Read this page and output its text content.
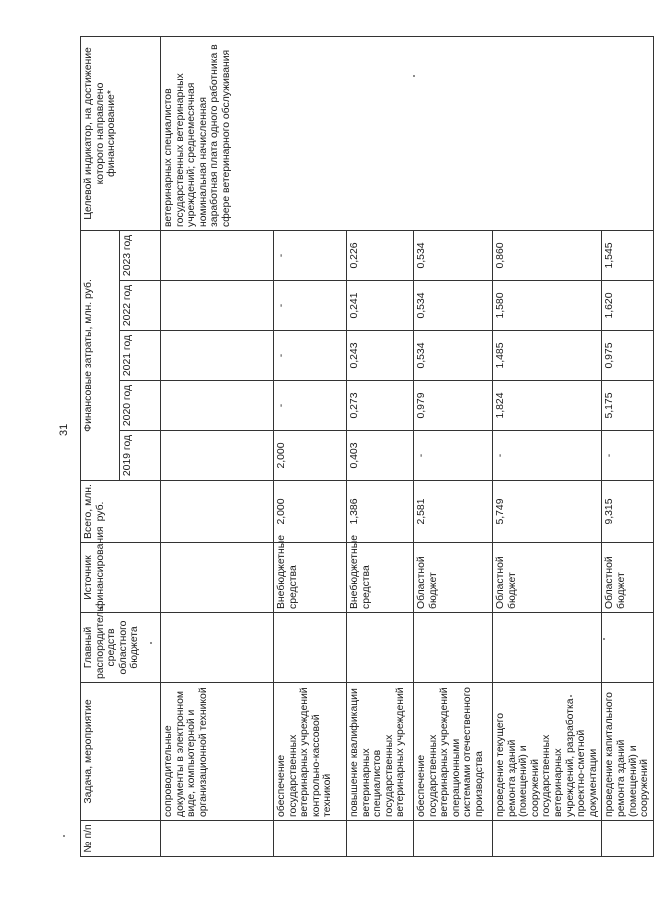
31
№ п/п	Задача, мероприятие	Главный распорядитель средств областного бюджета	Источник финансирования	Всего, млн. руб.	Финансовые затраты, млн. руб.					Целевой индикатор, на достижение которого направлено финансирование*
					2019 год	2020 год	2021 год	2022 год	2023 год	
	сопроводительные документы в электронном виде, компьютерной и организационной техникой									ветеринарных специалистов государственных ветеринарных учреждений; среднемесячная номинальная начисленная заработная плата одного работника в сфере ветеринарного обслуживания
	обеспечение государственных ветеринарных учреждений контрольно-кассовой техникой		Внебюджетные средства	2,000	2,000	-	-	-	-	
	повышение квалификации ветеринарных специалистов государственных ветеринарных учреждений		Внебюджетные средства	1,386	0,403	0,273	0,243	0,241	0,226	
	обеспечение государственных ветеринарных учреждений операционными системами отечественного производства		Областной бюджет	2,581	-	0,979	0,534	0,534	0,534	
	проведение текущего ремонта зданий (помещений) и сооружений государственных ветеринарных учреждений, разработка проектно-сметной документации		Областной бюджет	5,749	-	1,824	1,485	1,580	0,860	
	проведение капитального ремонта зданий (помещений) и сооружений		Областной бюджет	9,315	-	5,175	0,975	1,620	1,545	
